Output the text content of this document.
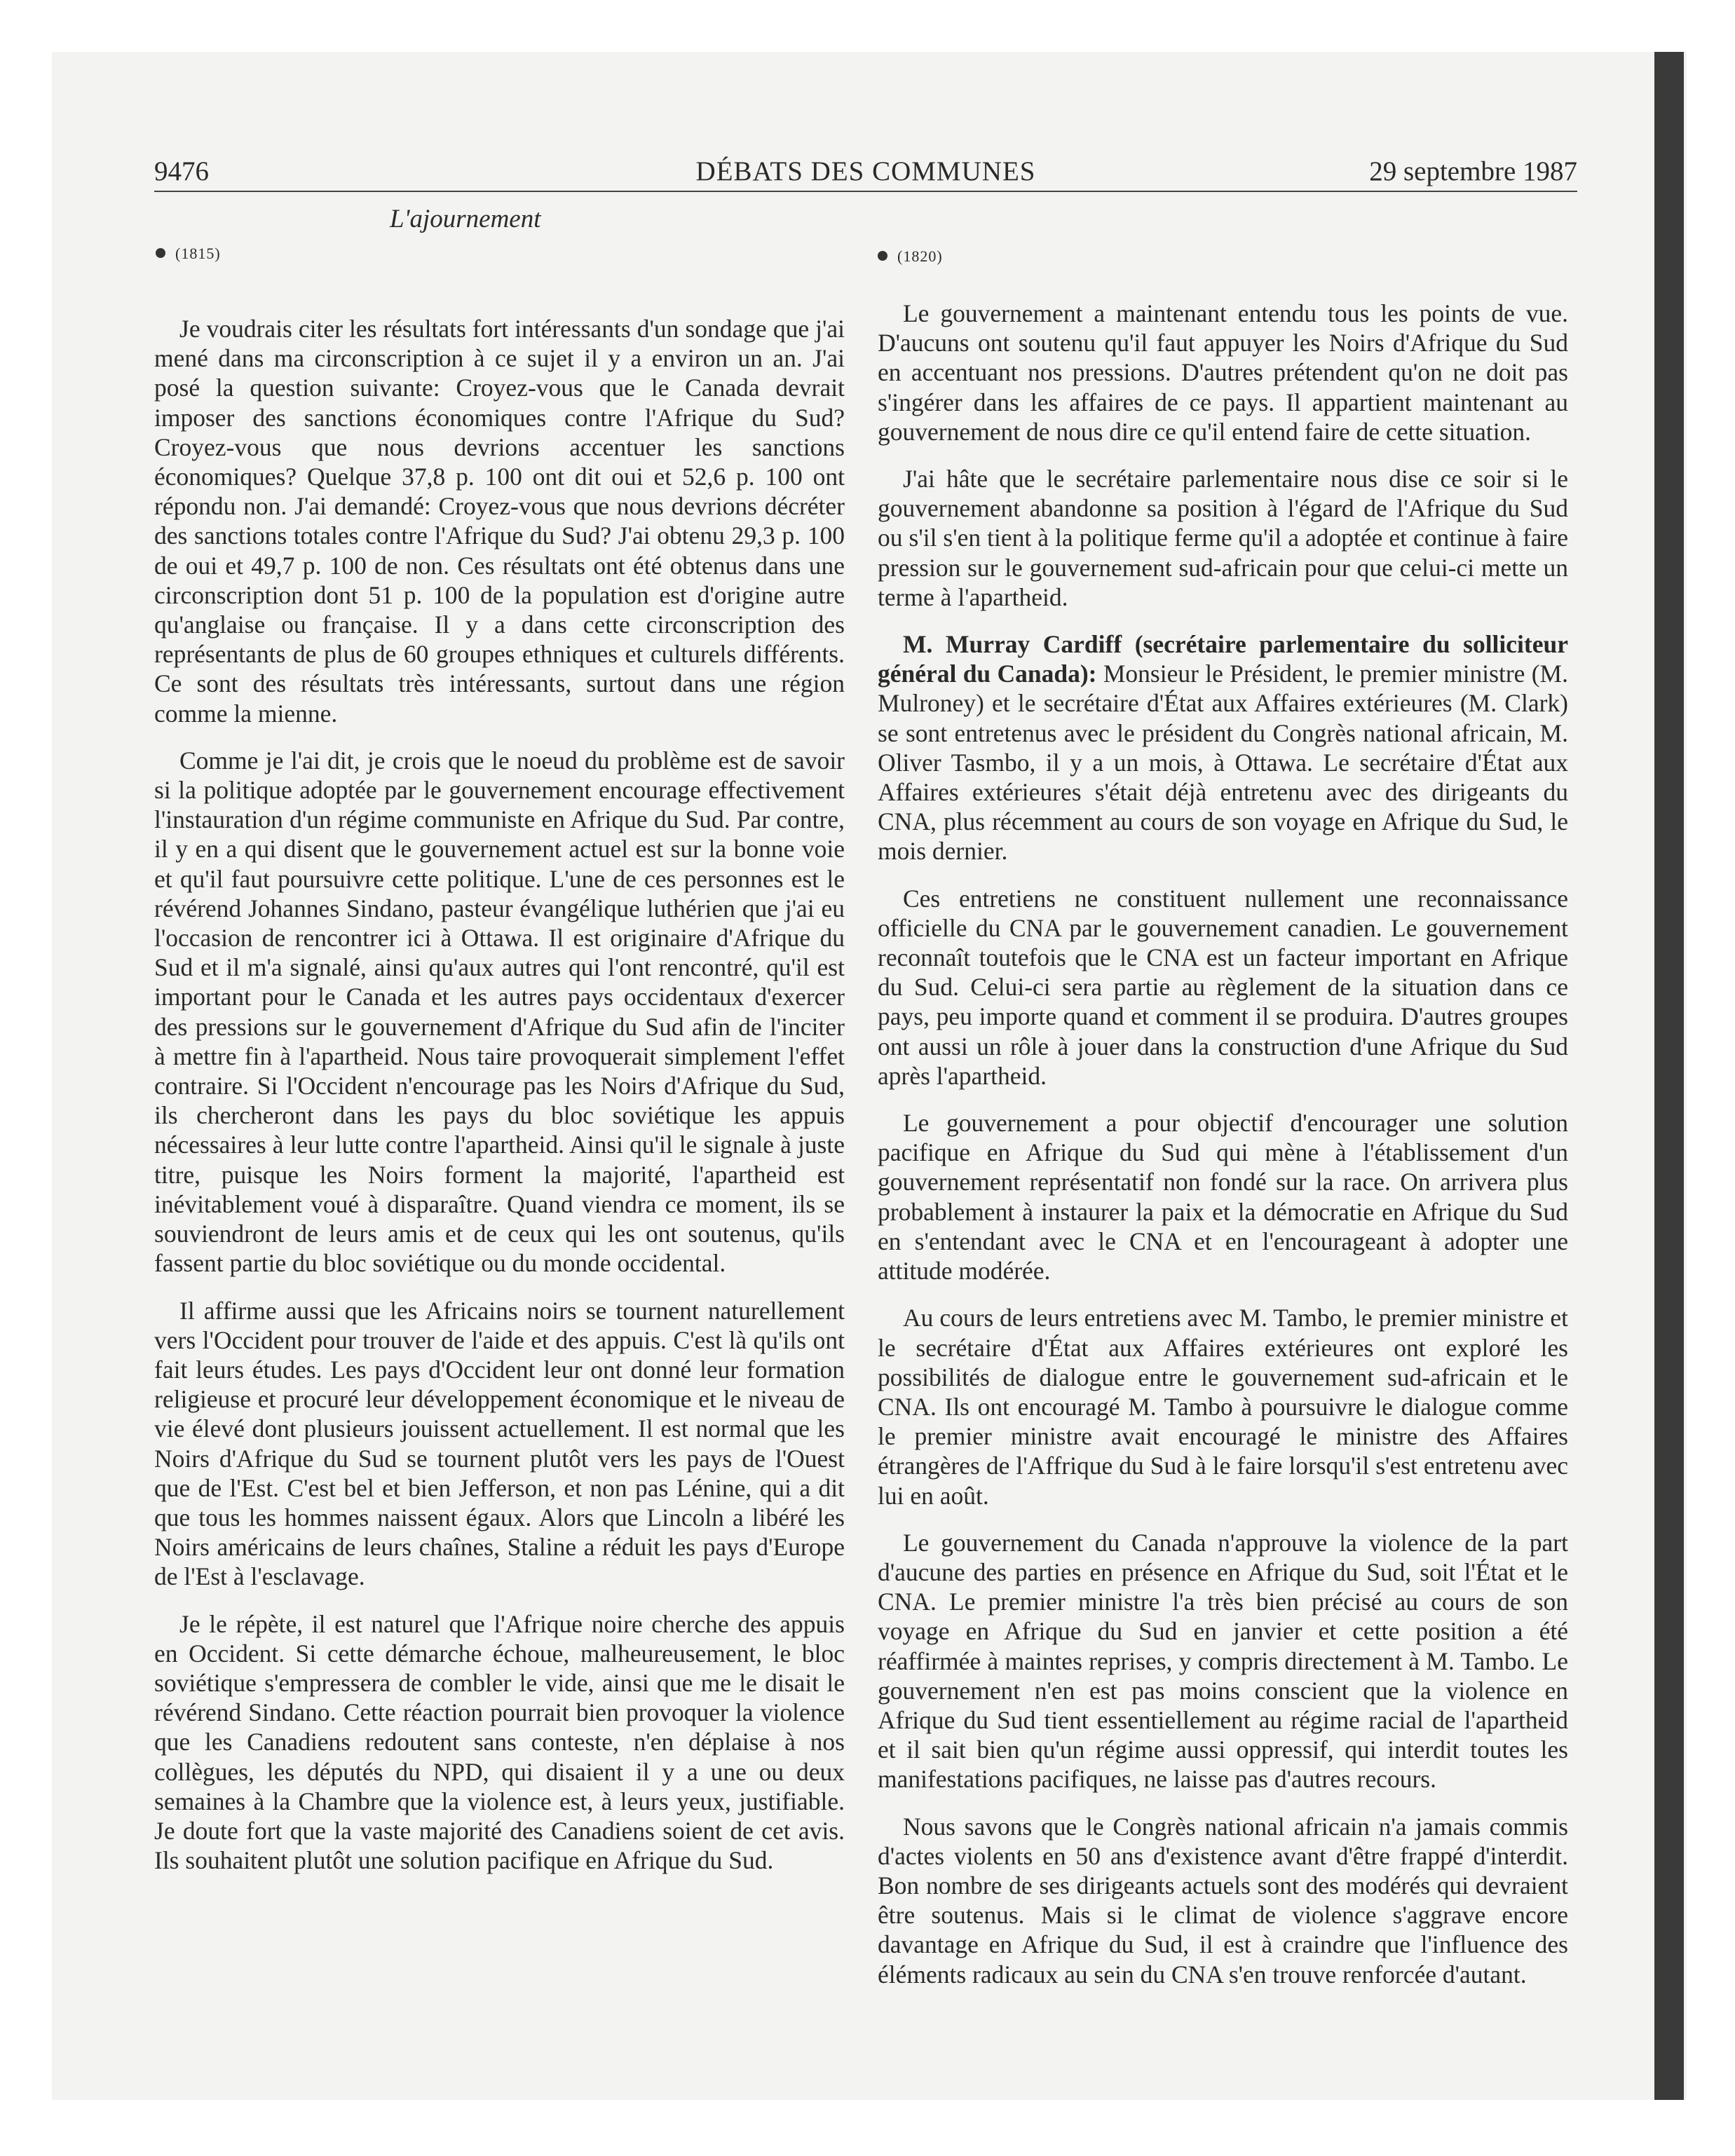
9476	DÉBATS DES COMMUNES	29 septembre 1987
L'ajournement
(1815)	(1820)

Je voudrais citer les résultats fort intéressants d'un sondage que j'ai mené dans ma circonscription à ce sujet il y a environ un an. J'ai posé la question suivante: Croyez-vous que le Canada devrait imposer des sanctions économiques contre l'Afrique du Sud? Croyez-vous que nous devrions accentuer les sanctions économiques? Quelque 37,8 p. 100 ont dit oui et 52,6 p. 100 ont répondu non. J'ai demandé: Croyez-vous que nous devrions décréter des sanctions totales contre l'Afrique du Sud? J'ai obtenu 29,3 p. 100 de oui et 49,7 p. 100 de non. Ces résultats ont été obtenus dans une circonscription dont 51 p. 100 de la population est d'origine autre qu'anglaise ou française. Il y a dans cette circonscription des représentants de plus de 60 groupes ethniques et culturels différents. Ce sont des résultats très intéressants, surtout dans une région comme la mienne.

Comme je l'ai dit, je crois que le noeud du problème est de savoir si la politique adoptée par le gouvernement encourage effectivement l'instauration d'un régime communiste en Afrique du Sud. Par contre, il y en a qui disent que le gouvernement actuel est sur la bonne voie et qu'il faut poursuivre cette politique. L'une de ces personnes est le révérend Johannes Sindano, pasteur évangélique luthérien que j'ai eu l'occasion de rencontrer ici à Ottawa. Il est originaire d'Afrique du Sud et il m'a signalé, ainsi qu'aux autres qui l'ont rencontré, qu'il est important pour le Canada et les autres pays occidentaux d'exercer des pressions sur le gouvernement d'Afrique du Sud afin de l'inciter à mettre fin à l'apartheid. Nous taire provoquerait simplement l'effet contraire. Si l'Occident n'encourage pas les Noirs d'Afrique du Sud, ils chercheront dans les pays du bloc soviétique les appuis nécessaires à leur lutte contre l'apartheid. Ainsi qu'il le signale à juste titre, puisque les Noirs forment la majorité, l'apartheid est inévitablement voué à disparaître. Quand viendra ce moment, ils se souviendront de leurs amis et de ceux qui les ont soutenus, qu'ils fassent partie du bloc soviétique ou du monde occidental.

Il affirme aussi que les Africains noirs se tournent naturellement vers l'Occident pour trouver de l'aide et des appuis. C'est là qu'ils ont fait leurs études. Les pays d'Occident leur ont donné leur formation religieuse et procuré leur développement économique et le niveau de vie élevé dont plusieurs jouissent actuellement. Il est normal que les Noirs d'Afrique du Sud se tournent plutôt vers les pays de l'Ouest que de l'Est. C'est bel et bien Jefferson, et non pas Lénine, qui a dit que tous les hommes naissent égaux. Alors que Lincoln a libéré les Noirs américains de leurs chaînes, Staline a réduit les pays d'Europe de l'Est à l'esclavage.

Je le répète, il est naturel que l'Afrique noire cherche des appuis en Occident. Si cette démarche échoue, malheureusement, le bloc soviétique s'empressera de combler le vide, ainsi que me le disait le révérend Sindano. Cette réaction pourrait bien provoquer la violence que les Canadiens redoutent sans conteste, n'en déplaise à nos collègues, les députés du NPD, qui disaient il y a une ou deux semaines à la Chambre que la violence est, à leurs yeux, justifiable. Je doute fort que la vaste majorité des Canadiens soient de cet avis. Ils souhaitent plutôt une solution pacifique en Afrique du Sud.

Le gouvernement a maintenant entendu tous les points de vue. D'aucuns ont soutenu qu'il faut appuyer les Noirs d'Afrique du Sud en accentuant nos pressions. D'autres prétendent qu'on ne doit pas s'ingérer dans les affaires de ce pays. Il appartient maintenant au gouvernement de nous dire ce qu'il entend faire de cette situation.

J'ai hâte que le secrétaire parlementaire nous dise ce soir si le gouvernement abandonne sa position à l'égard de l'Afrique du Sud ou s'il s'en tient à la politique ferme qu'il a adoptée et continue à faire pression sur le gouvernement sud-africain pour que celui-ci mette un terme à l'apartheid.

M. Murray Cardiff (secrétaire parlementaire du solliciteur général du Canada): Monsieur le Président, le premier ministre (M. Mulroney) et le secrétaire d'État aux Affaires extérieures (M. Clark) se sont entretenus avec le président du Congrès national africain, M. Oliver Tasmbo, il y a un mois, à Ottawa. Le secrétaire d'État aux Affaires extérieures s'était déjà entretenu avec des dirigeants du CNA, plus récemment au cours de son voyage en Afrique du Sud, le mois dernier.

Ces entretiens ne constituent nullement une reconnaissance officielle du CNA par le gouvernement canadien. Le gouvernement reconnaît toutefois que le CNA est un facteur important en Afrique du Sud. Celui-ci sera partie au règlement de la situation dans ce pays, peu importe quand et comment il se produira. D'autres groupes ont aussi un rôle à jouer dans la construction d'une Afrique du Sud après l'apartheid.

Le gouvernement a pour objectif d'encourager une solution pacifique en Afrique du Sud qui mène à l'établissement d'un gouvernement représentatif non fondé sur la race. On arrivera plus probablement à instaurer la paix et la démocratie en Afrique du Sud en s'entendant avec le CNA et en l'encourageant à adopter une attitude modérée.

Au cours de leurs entretiens avec M. Tambo, le premier ministre et le secrétaire d'État aux Affaires extérieures ont exploré les possibilités de dialogue entre le gouvernement sud-africain et le CNA. Ils ont encouragé M. Tambo à poursuivre le dialogue comme le premier ministre avait encouragé le ministre des Affaires étrangères de l'Affrique du Sud à le faire lorsqu'il s'est entretenu avec lui en août.

Le gouvernement du Canada n'approuve la violence de la part d'aucune des parties en présence en Afrique du Sud, soit l'État et le CNA. Le premier ministre l'a très bien précisé au cours de son voyage en Afrique du Sud en janvier et cette position a été réaffirmée à maintes reprises, y compris directement à M. Tambo. Le gouvernement n'en est pas moins conscient que la violence en Afrique du Sud tient essentiellement au régime racial de l'apartheid et il sait bien qu'un régime aussi oppressif, qui interdit toutes les manifestations pacifiques, ne laisse pas d'autres recours.

Nous savons que le Congrès national africain n'a jamais commis d'actes violents en 50 ans d'existence avant d'être frappé d'interdit. Bon nombre de ses dirigeants actuels sont des modérés qui devraient être soutenus. Mais si le climat de violence s'aggrave encore davantage en Afrique du Sud, il est à craindre que l'influence des éléments radicaux au sein du CNA s'en trouve renforcée d'autant.
